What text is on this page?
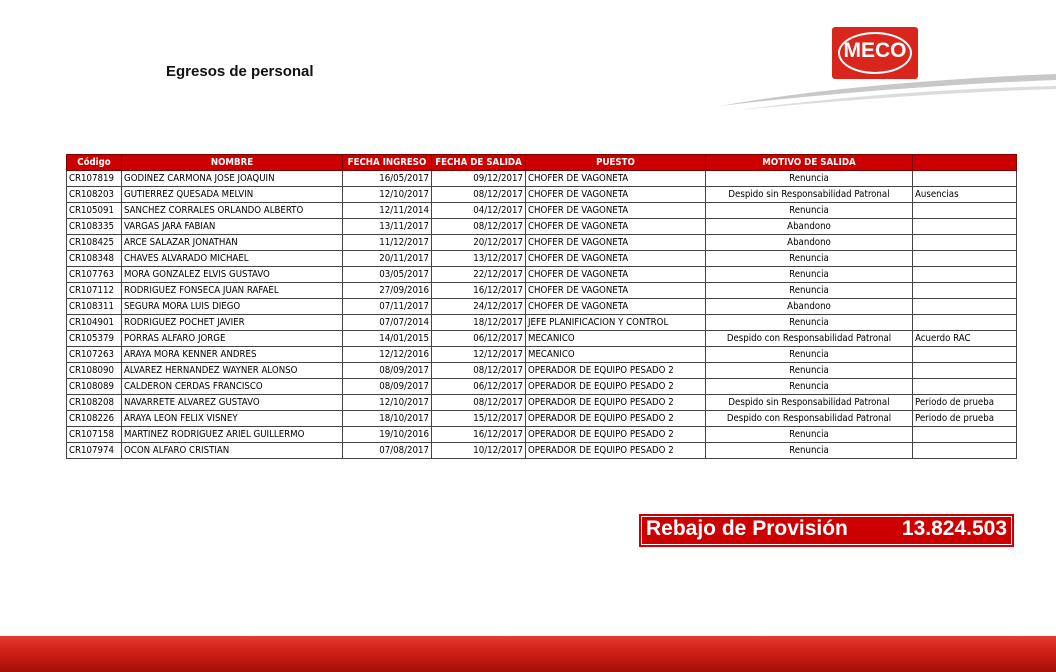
Egresos de personal
MECO
Código	NOMBRE	FECHA INGRESO	FECHA DE SALIDA	PUESTO	MOTIVO DE SALIDA	
CR107819	GODINEZ CARMONA JOSE JOAQUIN	16/05/2017	09/12/2017	CHOFER DE VAGONETA	Renuncia	
CR108203	GUTIERREZ QUESADA MELVIN	12/10/2017	08/12/2017	CHOFER DE VAGONETA	Despido sin Responsabilidad Patronal	Ausencias
CR105091	SANCHEZ CORRALES ORLANDO ALBERTO	12/11/2014	04/12/2017	CHOFER DE VAGONETA	Renuncia	
CR108335	VARGAS JARA FABIAN	13/11/2017	08/12/2017	CHOFER DE VAGONETA	Abandono	
CR108425	ARCE SALAZAR JONATHAN	11/12/2017	20/12/2017	CHOFER DE VAGONETA	Abandono	
CR108348	CHAVES ALVARADO MICHAEL	20/11/2017	13/12/2017	CHOFER DE VAGONETA	Renuncia	
CR107763	MORA GONZALEZ ELVIS GUSTAVO	03/05/2017	22/12/2017	CHOFER DE VAGONETA	Renuncia	
CR107112	RODRIGUEZ FONSECA JUAN RAFAEL	27/09/2016	16/12/2017	CHOFER DE VAGONETA	Renuncia	
CR108311	SEGURA MORA LUIS DIEGO	07/11/2017	24/12/2017	CHOFER DE VAGONETA	Abandono	
CR104901	RODRIGUEZ POCHET JAVIER	07/07/2014	18/12/2017	JEFE PLANIFICACION Y CONTROL	Renuncia	
CR105379	PORRAS ALFARO JORGE	14/01/2015	06/12/2017	MECANICO	Despido con Responsabilidad Patronal	Acuerdo RAC
CR107263	ARAYA MORA KENNER ANDRES	12/12/2016	12/12/2017	MECANICO	Renuncia	
CR108090	ALVAREZ HERNANDEZ WAYNER ALONSO	08/09/2017	08/12/2017	OPERADOR DE EQUIPO PESADO 2	Renuncia	
CR108089	CALDERON CERDAS FRANCISCO	08/09/2017	06/12/2017	OPERADOR DE EQUIPO PESADO 2	Renuncia	
CR108208	NAVARRETE ALVAREZ GUSTAVO	12/10/2017	08/12/2017	OPERADOR DE EQUIPO PESADO 2	Despido sin Responsabilidad Patronal	Periodo de prueba
CR108226	ARAYA LEON FELIX VISNEY	18/10/2017	15/12/2017	OPERADOR DE EQUIPO PESADO 2	Despido con Responsabilidad Patronal	Periodo de prueba
CR107158	MARTINEZ RODRIGUEZ ARIEL GUILLERMO	19/10/2016	16/12/2017	OPERADOR DE EQUIPO PESADO 2	Renuncia	
CR107974	OCON ALFARO CRISTIAN	07/08/2017	10/12/2017	OPERADOR DE EQUIPO PESADO 2	Renuncia	
Rebajo de Provisión	13.824.503
